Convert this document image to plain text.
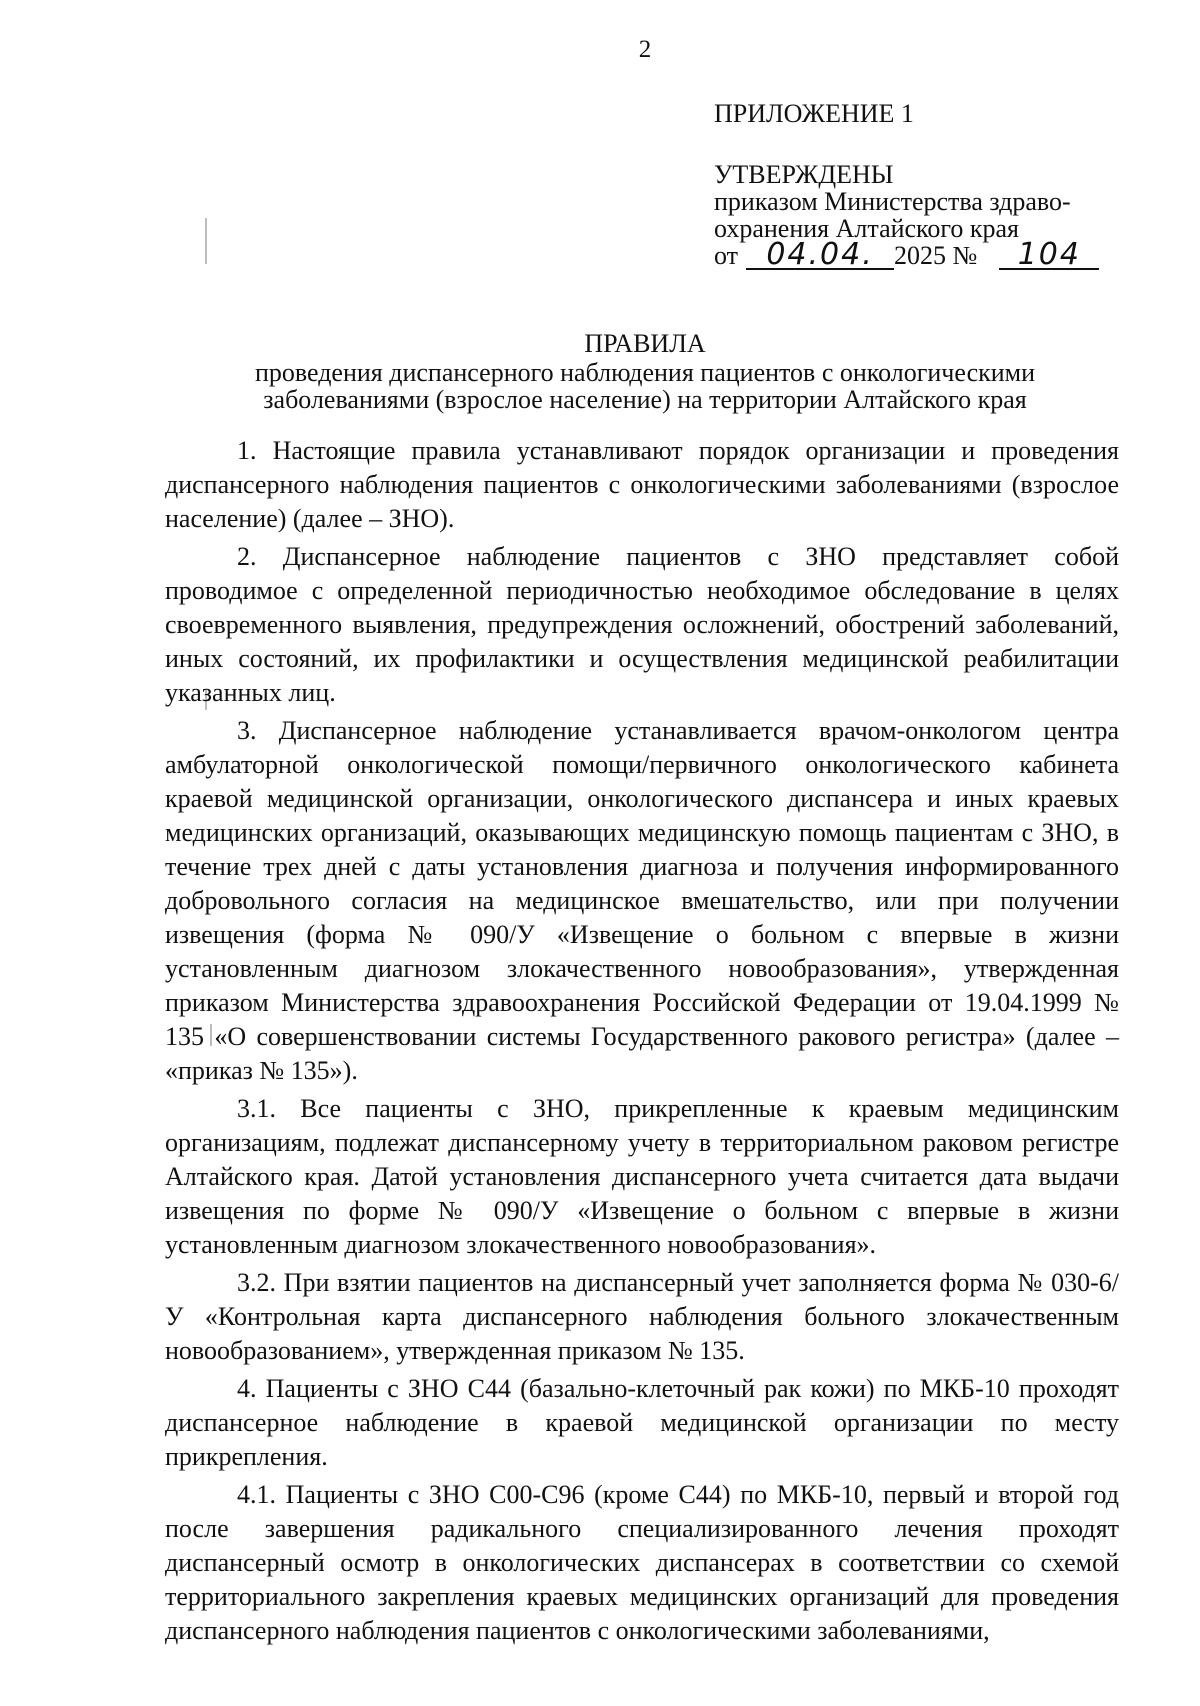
2
ПРИЛОЖЕНИЕ 1
УТВЕРЖДЕНЫ
приказом Министерства здраво-
охранения Алтайского края
от 04.04. 2025 №	104
ПРАВИЛА
проведения диспансерного наблюдения пациентов с онкологическими
заболеваниями (взрослое население) на территории Алтайского края

1. Настоящие правила устанавливают порядок организации и проведения диспансерного наблюдения пациентов с онкологическими заболеваниями (взрослое население) (далее – ЗНО).

2. Диспансерное наблюдение пациентов с ЗНО представляет собой проводимое с определенной периодичностью необходимое обследование в целях своевременного выявления, предупреждения осложнений, обострений заболеваний, иных состояний, их профилактики и осуществления медицинской реабилитации указанных лиц.

3. Диспансерное наблюдение устанавливается врачом-онкологом центра амбулаторной онкологической помощи/первичного онкологического кабинета краевой медицинской организации, онкологического диспансера и иных краевых медицинских организаций, оказывающих медицинскую помощь пациентам с ЗНО, в течение трех дней с даты установления диагноза и получения информированного добровольного согласия на медицинское вмешательство, или при получении извещения (форма № 090/У «Извещение о больном с впервые в жизни установленным диагнозом злокачественного новообразования», утвержденная приказом Министерства здравоохранения Российской Федерации от 19.04.1999 № 135 «О совершенствовании системы Государственного ракового регистра» (далее – «приказ № 135»).

3.1. Все пациенты с ЗНО, прикрепленные к краевым медицинским организациям, подлежат диспансерному учету в территориальном раковом регистре Алтайского края. Датой установления диспансерного учета считается дата выдачи извещения по форме № 090/У «Извещение о больном с впервые в жизни установленным диагнозом злокачественного новообразования».

3.2. При взятии пациентов на диспансерный учет заполняется форма № 030-6/У «Контрольная карта диспансерного наблюдения больного злокачественным новообразованием», утвержденная приказом № 135.

4. Пациенты с ЗНО С44 (базально-клеточный рак кожи) по МКБ-10 проходят диспансерное наблюдение в краевой медицинской организации по месту прикрепления.

4.1. Пациенты с ЗНО С00-С96 (кроме С44) по МКБ-10, первый и второй год после завершения радикального специализированного лечения проходят диспансерный осмотр в онкологических диспансерах в соответствии со схемой территориального закрепления краевых медицинских организаций для проведения диспансерного наблюдения пациентов с онкологическими заболеваниями,
